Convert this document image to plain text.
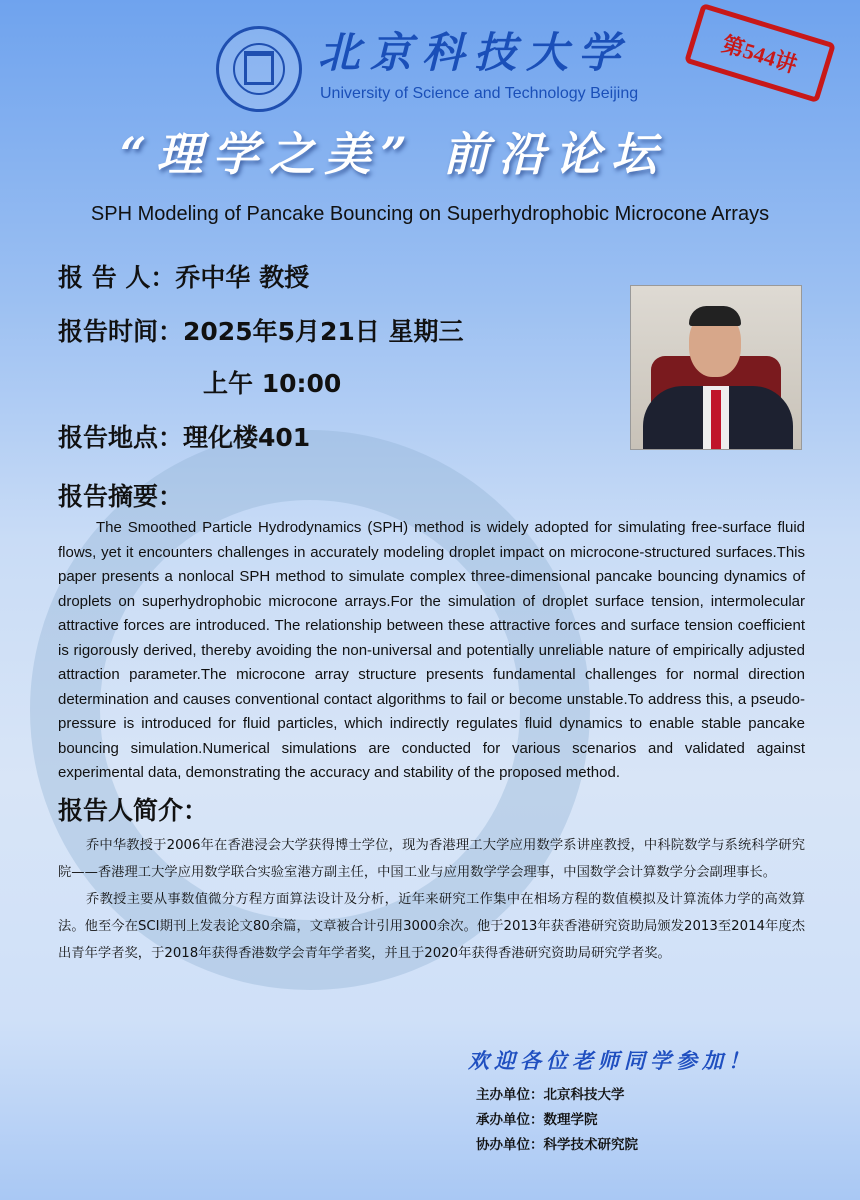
北京科技大学
University of Science and Technology Beijing
“理学之美” 前沿论坛
第544讲
SPH Modeling of Pancake Bouncing on Superhydrophobic Microcone Arrays
报 告 人：乔中华 教授
报告时间：2025年5月21日 星期三
上午 10:00
报告地点：理化楼401
报告摘要：
The Smoothed Particle Hydrodynamics (SPH) method is widely adopted for simulating free-surface fluid flows, yet it encounters challenges in accurately modeling droplet impact on microcone-structured surfaces.This paper presents a nonlocal SPH method to simulate complex three-dimensional pancake bouncing dynamics of droplets on superhydrophobic microcone arrays.For the simulation of droplet surface tension, intermolecular attractive forces are introduced. The relationship between these attractive forces and surface tension coefficient is rigorously derived, thereby avoiding the non-universal and potentially unreliable nature of empirically adjusted attraction parameter.The microcone array structure presents fundamental challenges for normal direction determination and causes conventional contact algorithms to fail or become unstable.To address this, a pseudo-pressure is introduced for fluid particles, which indirectly regulates fluid dynamics to enable stable pancake bouncing simulation.Numerical simulations are conducted for various scenarios and validated against experimental data, demonstrating the accuracy and stability of the proposed method.
报告人简介：
乔中华教授于2006年在香港浸会大学获得博士学位，现为香港理工大学应用数学系讲座教授，中科院数学与系统科学研究院——香港理工大学应用数学联合实验室港方副主任，中国工业与应用数学学会理事，中国数学会计算数学分会副理事长。
乔教授主要从事数值微分方程方面算法设计及分析，近年来研究工作集中在相场方程的数值模拟及计算流体力学的高效算法。他至今在SCI期刊上发表论文80余篇，文章被合计引用3000余次。他于2013年获香港研究资助局颁发2013至2014年度杰出青年学者奖，于2018年获得香港数学会青年学者奖，并且于2020年获得香港研究资助局研究学者奖。
欢迎各位老师同学参加！
主办单位：北京科技大学
承办单位：数理学院
协办单位：科学技术研究院
